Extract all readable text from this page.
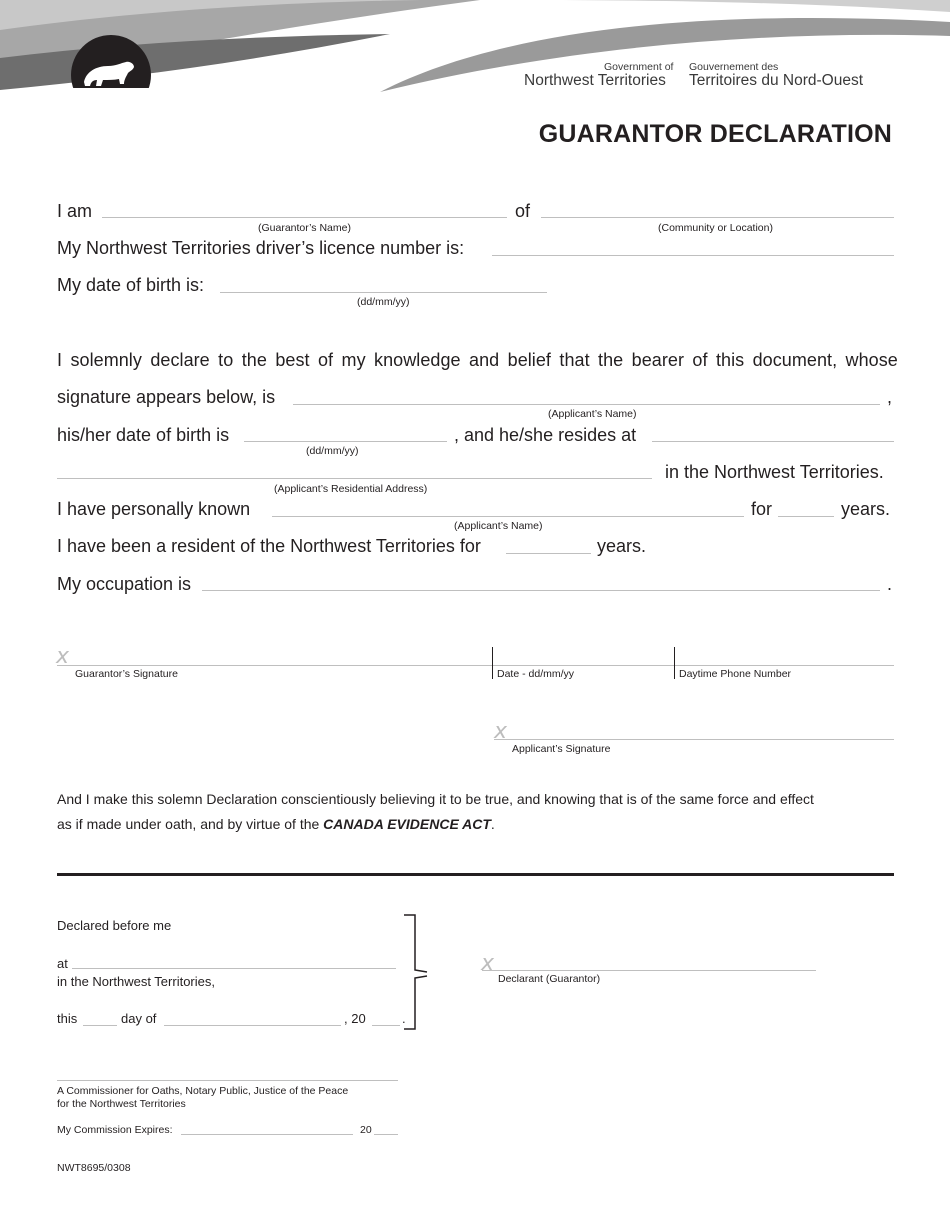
Government of
Northwest Territories
Gouvernement des
Territoires du Nord-Ouest
GUARANTOR DECLARATION
I am
(Guarantor’s Name)
of
(Community or Location)
My Northwest Territories driver’s licence number is:
My date of birth is:
(dd/mm/yy)
I solemnly declare to the best of my knowledge and belief that the bearer of this document, whose
signature appears below, is	,
(Applicant’s Name)
his/her date of birth is
(dd/mm/yy)
, and he/she resides at
in the Northwest Territories.
(Applicant’s Residential Address)
I have personally known
(Applicant’s Name)
for	years.
I have been a resident of the Northwest Territories for	years.
My occupation is	.
x
Guarantor’s Signature	Date - dd/mm/yy	Daytime Phone Number
x
Applicant’s Signature
And I make this solemn Declaration conscientiously believing it to be true, and knowing that is of the same force and effect
as if made under oath, and by virtue of the CANADA EVIDENCE ACT.
Declared before me
at
in the Northwest Territories,
this	day of	, 20	.
x
Declarant (Guarantor)
A Commissioner for Oaths, Notary Public, Justice of the Peace
for the Northwest Territories
My Commission Expires:	20
NWT8695/0308
